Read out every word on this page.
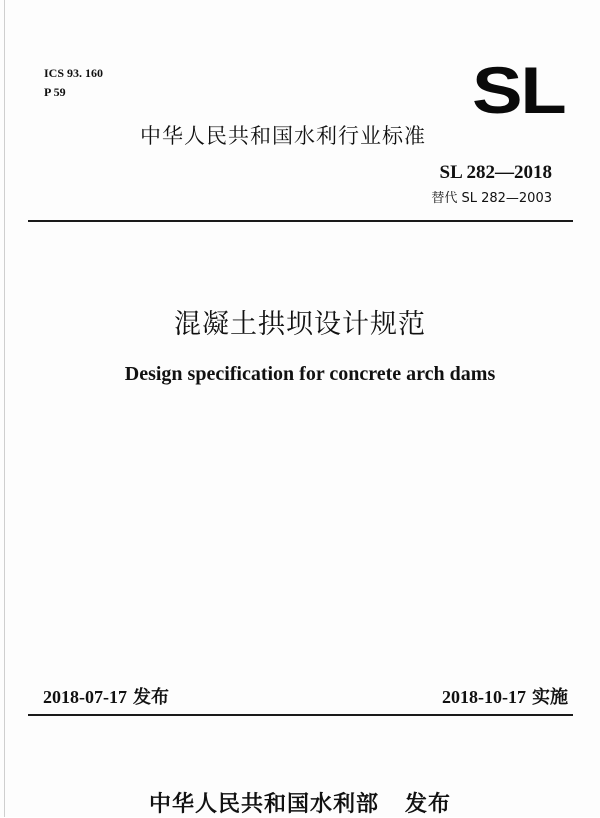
ICS 93. 160
P 59	SL
中华人民共和国水利行业标准
SL 282—2018
替代 SL 282—2003
混凝土拱坝设计规范
Design specification for concrete arch dams
2018-07-17 发布	2018-10-17 实施
中华人民共和国水利部   发布
